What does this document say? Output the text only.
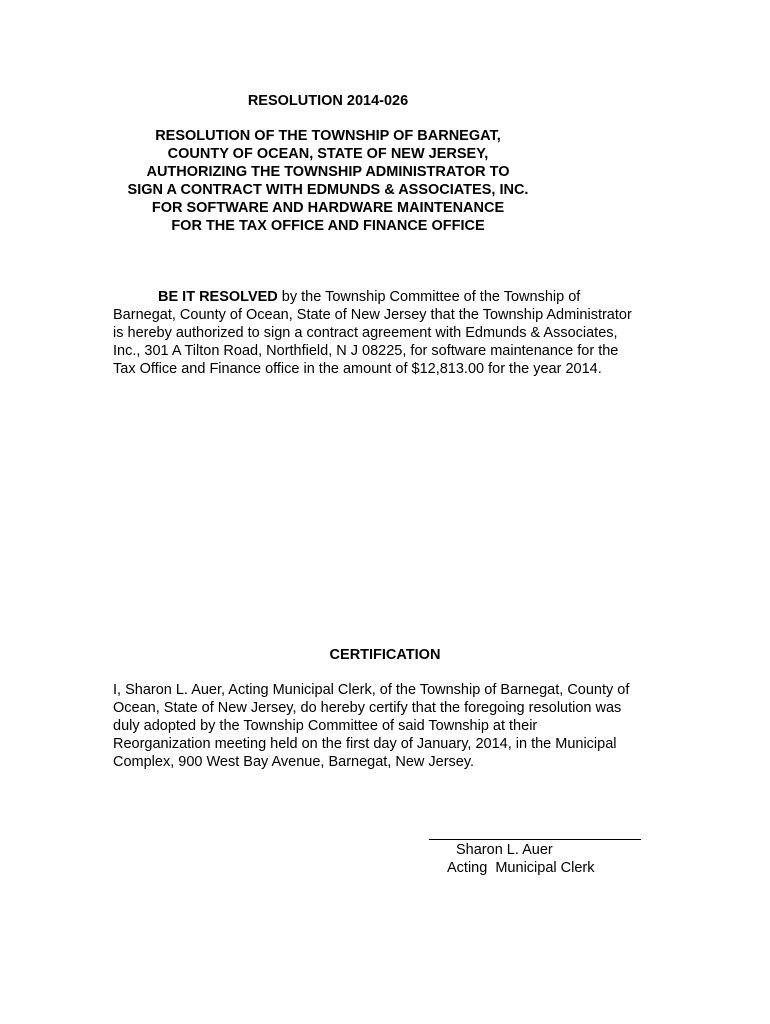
RESOLUTION 2014-026
RESOLUTION OF THE TOWNSHIP OF BARNEGAT,
COUNTY OF OCEAN, STATE OF NEW JERSEY,
AUTHORIZING THE TOWNSHIP ADMINISTRATOR TO
SIGN A CONTRACT WITH EDMUNDS & ASSOCIATES, INC.
FOR SOFTWARE AND HARDWARE MAINTENANCE
FOR THE TAX OFFICE AND FINANCE OFFICE
BE IT RESOLVED by the Township Committee of the Township of
Barnegat, County of Ocean, State of New Jersey that the Township Administrator
is hereby authorized to sign a contract agreement with Edmunds & Associates,
Inc., 301 A Tilton Road, Northfield, N J 08225, for software maintenance for the
Tax Office and Finance office in the amount of $12,813.00 for the year 2014.
CERTIFICATION
I, Sharon L. Auer, Acting Municipal Clerk, of the Township of Barnegat, County of
Ocean, State of New Jersey, do hereby certify that the foregoing resolution was
duly adopted by the Township Committee of said Township at their
Reorganization meeting held on the first day of January, 2014, in the Municipal
Complex, 900 West Bay Avenue, Barnegat, New Jersey.
Sharon L. Auer
Acting  Municipal Clerk
